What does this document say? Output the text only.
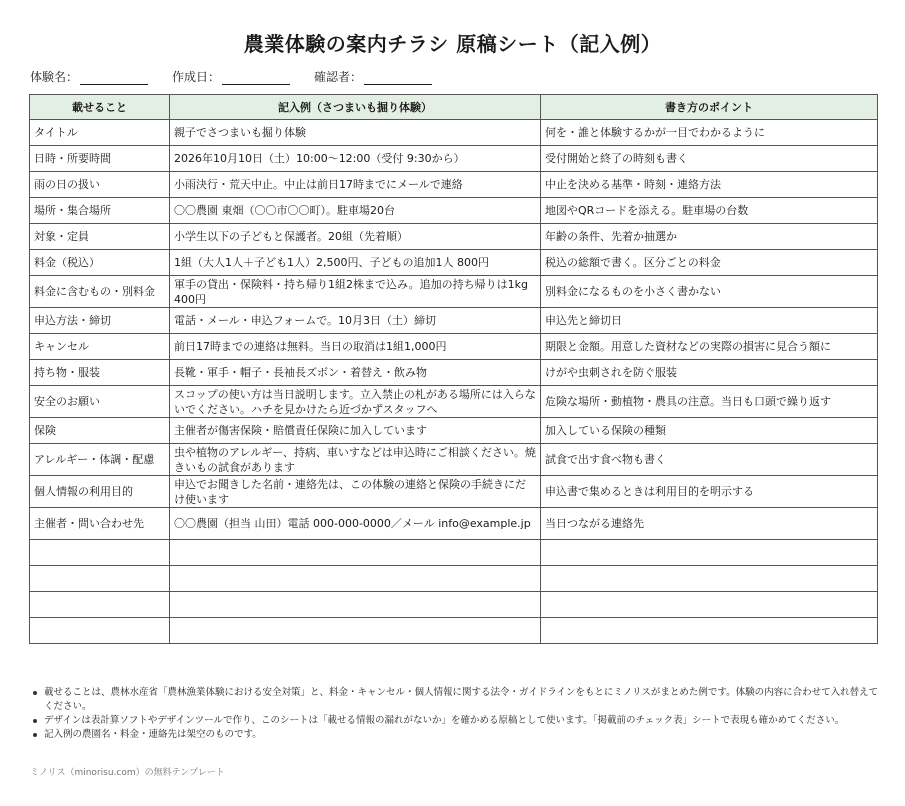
農業体験の案内チラシ 原稿シート（記入例）
体験名：	作成日：	確認者：
載せること	記入例（さつまいも掘り体験）	書き方のポイント
タイトル	親子でさつまいも掘り体験	何を・誰と体験するかが一目でわかるように
日時・所要時間	2026年10月10日（土）10:00〜12:00（受付 9:30から）	受付開始と終了の時刻も書く
雨の日の扱い	小雨決行・荒天中止。中止は前日17時までにメールで連絡	中止を決める基準・時刻・連絡方法
場所・集合場所	〇〇農園 東畑（〇〇市〇〇町）。駐車場20台	地図やQRコードを添える。駐車場の台数
対象・定員	小学生以下の子どもと保護者。20組（先着順）	年齢の条件、先着か抽選か
料金（税込）	1組（大人1人＋子ども1人）2,500円、子どもの追加1人 800円	税込の総額で書く。区分ごとの料金
料金に含むもの・別料金	軍手の貸出・保険料・持ち帰り1組2株まで込み。追加の持ち帰りは1kg 400円	別料金になるものを小さく書かない
申込方法・締切	電話・メール・申込フォームで。10月3日（土）締切	申込先と締切日
キャンセル	前日17時までの連絡は無料。当日の取消は1組1,000円	期限と金額。用意した資材などの実際の損害に見合う額に
持ち物・服装	長靴・軍手・帽子・長袖長ズボン・着替え・飲み物	けがや虫刺されを防ぐ服装
安全のお願い	スコップの使い方は当日説明します。立入禁止の札がある場所には入らないでください。ハチを見かけたら近づかずスタッフへ	危険な場所・動植物・農具の注意。当日も口頭で繰り返す
保険	主催者が傷害保険・賠償責任保険に加入しています	加入している保険の種類
アレルギー・体調・配慮	虫や植物のアレルギー、持病、車いすなどは申込時にご相談ください。焼きいもの試食があります	試食で出す食べ物も書く
個人情報の利用目的	申込でお聞きした名前・連絡先は、この体験の連絡と保険の手続きにだけ使います	申込書で集めるときは利用目的を明示する
主催者・問い合わせ先	〇〇農園（担当 山田）電話 000-000-0000／メール info@example.jp	当日つながる連絡先

載せることは、農林水産省「農林漁業体験における安全対策」と、料金・キャンセル・個人情報に関する法令・ガイドラインをもとにミノリスがまとめた例です。体験の内容に合わせて入れ替えてください。
デザインは表計算ソフトやデザインツールで作り、このシートは「載せる情報の漏れがないか」を確かめる原稿として使います。「掲載前のチェック表」シートで表現も確かめてください。
記入例の農園名・料金・連絡先は架空のものです。
ミノリス（minorisu.com）の無料テンプレート
